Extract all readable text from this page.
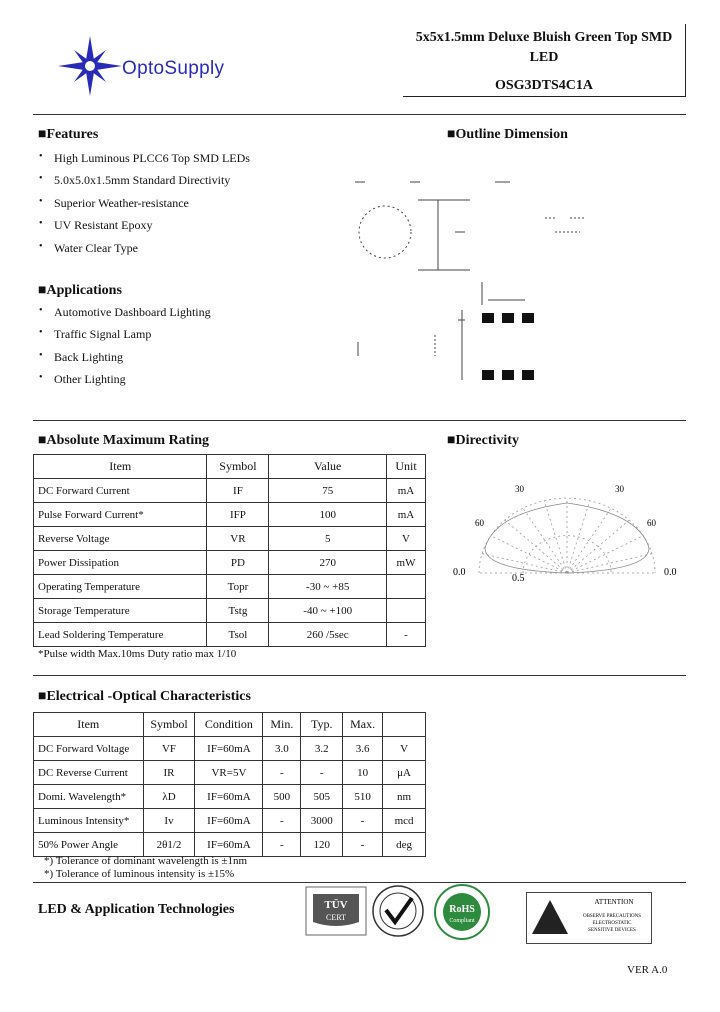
OptoSupply
5x5x1.5mm Deluxe Bluish Green Top SMD
LED
OSG3DTS4C1A
■Features
• High Luminous PLCC6 Top SMD LEDs
• 5.0x5.0x1.5mm Standard Directivity
• Superior Weather-resistance
• UV Resistant Epoxy
• Water Clear Type
■Applications
• Automotive Dashboard Lighting
• Traffic Signal Lamp
• Back Lighting
• Other Lighting
■Outline Dimension
■Absolute Maximum Rating
Item	Symbol	Value	Unit
DC Forward Current	IF	75	mA
Pulse Forward Current*	IFP	100	mA
Reverse Voltage	VR	5	V
Power Dissipation	PD	270	mW
Operating Temperature	Topr	-30 ~ +85	
Storage Temperature	Tstg	-40 ~ +100	
Lead Soldering Temperature	Tsol	260 /5sec	-
*Pulse width Max.10ms Duty ratio max 1/10
■Directivity
0.0	0.0
0.5
60	60
30	30
■Electrical -Optical Characteristics
Item	Symbol	Condition	Min.	Typ.	Max.	
DC Forward Voltage	VF	IF=60mA	3.0	3.2	3.6	V
DC Reverse Current	IR	VR=5V	-	-	10	μA
Domi. Wavelength*	λD	IF=60mA	500	505	510	nm
Luminous Intensity*	Iv	IF=60mA	-	3000	-	mcd
50% Power Angle	2θ1/2	IF=60mA	-	120	-	deg
*) Tolerance of dominant wavelength is ±1nm
*) Tolerance of luminous intensity is ±15%
LED & Application Technologies	TÜV
CERT
RoHS
Compliant
ATTENTION
OBSERVE PRECAUTIONS
ELECTROSTATIC
SENSITIVE DEVICES
VER A.0
